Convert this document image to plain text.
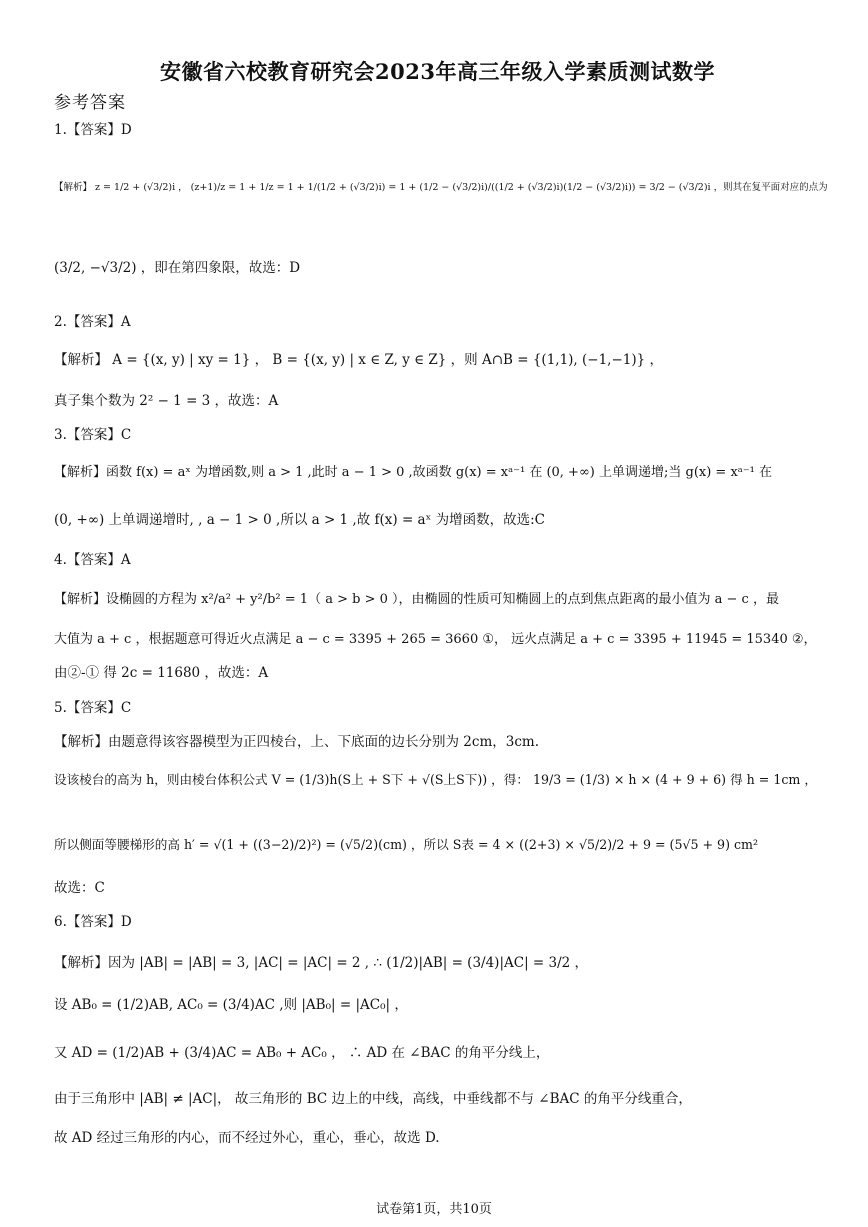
安徽省六校教育研究会2023年高三年级入学素质测试数学
参考答案
1.【答案】D
【解析】 z = 1/2 + (√3/2)i ， (z+1)/z = 1 + 1/z = 1 + 1/(1/2 + (√3/2)i) = 1 + (1/2 − (√3/2)i)/((1/2 + (√3/2)i)(1/2 − (√3/2)i)) = 3/2 − (√3/2)i ，则其在复平面对应的点为
(3/2, −√3/2) ，即在第四象限，故选：D
2.【答案】A
【解析】 A = {(x, y) | xy = 1} ， B = {(x, y) | x ∈ Z, y ∈ Z} ，则 A∩B = {(1,1), (−1,−1)} ，
真子集个数为 2² − 1 = 3 ，故选：A
3.【答案】C
【解析】函数 f(x) = aˣ 为增函数,则 a > 1 ,此时 a − 1 > 0 ,故函数 g(x) = xᵃ⁻¹ 在 (0, +∞) 上单调递增;当 g(x) = xᵃ⁻¹ 在
(0, +∞) 上单调递增时, , a − 1 > 0 ,所以 a > 1 ,故 f(x) = aˣ 为增函数，故选:C
4.【答案】A
【解析】设椭圆的方程为 x²/a² + y²/b² = 1（ a > b > 0 ），由椭圆的性质可知椭圆上的点到焦点距离的最小值为 a − c ，最
大值为 a + c ，根据题意可得近火点满足 a − c = 3395 + 265 = 3660 ①， 远火点满足 a + c = 3395 + 11945 = 15340 ②，
由②-① 得 2c = 11680 ，故选：A
5.【答案】C
【解析】由题意得该容器模型为正四棱台，上、下底面的边长分别为 2cm，3cm.
设该棱台的高为 h，则由棱台体积公式 V = (1/3)h(S上 + S下 + √(S上S下)) ，得： 19/3 = (1/3) × h × (4 + 9 + 6) 得 h = 1cm ，
所以侧面等腰梯形的高 h′ = √(1 + ((3−2)/2)²) = (√5/2)(cm) ，所以 S表 = 4 × ((2+3) × √5/2)/2 + 9 = (5√5 + 9) cm²
故选：C
6.【答案】D
【解析】因为 |AB| = |AB| = 3, |AC| = |AC| = 2 , ∴ (1/2)|AB| = (3/4)|AC| = 3/2 ，
设 AB₀ = (1/2)AB, AC₀ = (3/4)AC ,则 |AB₀| = |AC₀| ，
又 AD = (1/2)AB + (3/4)AC = AB₀ + AC₀ ， ∴ AD 在 ∠BAC 的角平分线上，
由于三角形中 |AB| ≠ |AC|， 故三角形的 BC 边上的中线，高线，中垂线都不与 ∠BAC 的角平分线重合，
故 AD 经过三角形的内心，而不经过外心，重心，垂心，故选 D.
试卷第1页，共10页
